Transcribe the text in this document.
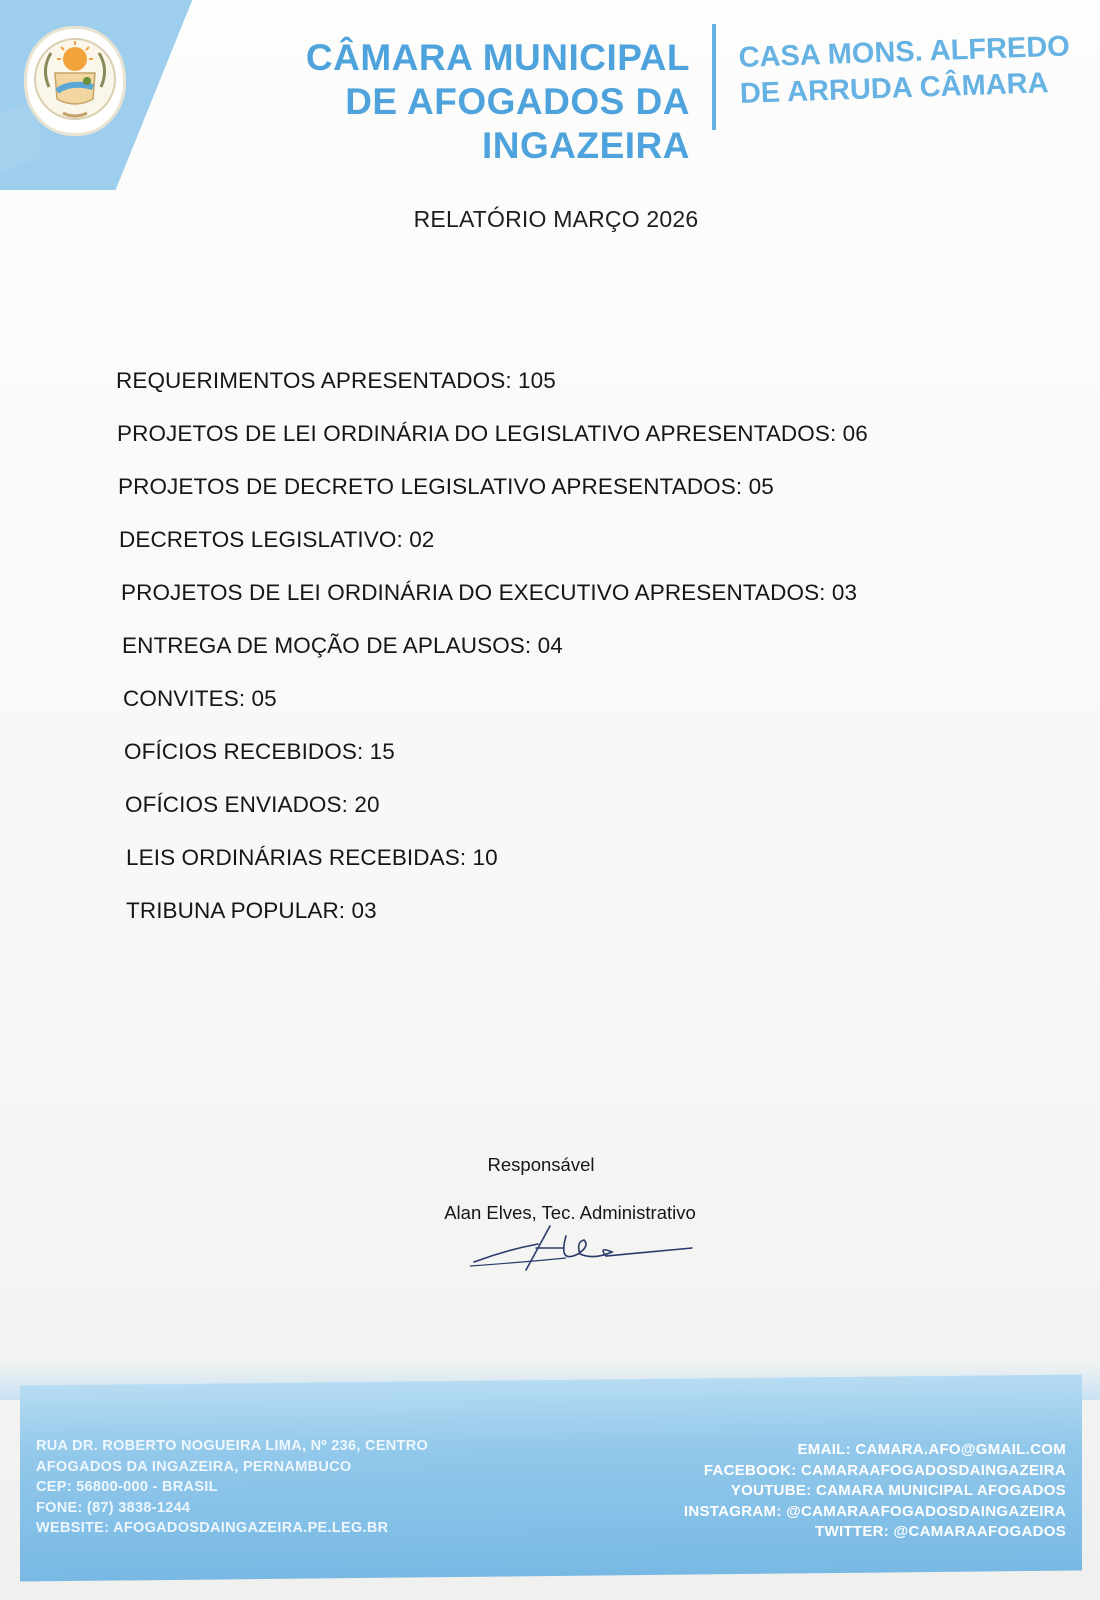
CÂMARA MUNICIPAL
DE AFOGADOS DA INGAZEIRA
CASA MONS. ALFREDO
DE ARRUDA CÂMARA
RELATÓRIO MARÇO 2026
REQUERIMENTOS APRESENTADOS: 105
PROJETOS DE LEI ORDINÁRIA DO LEGISLATIVO APRESENTADOS: 06
PROJETOS DE DECRETO LEGISLATIVO APRESENTADOS: 05
DECRETOS LEGISLATIVO: 02
PROJETOS DE LEI ORDINÁRIA DO EXECUTIVO APRESENTADOS: 03
ENTREGA DE MOÇÃO DE APLAUSOS: 04
CONVITES: 05
OFÍCIOS RECEBIDOS: 15
OFÍCIOS ENVIADOS: 20
LEIS ORDINÁRIAS RECEBIDAS: 10
TRIBUNA POPULAR: 03
Responsável
Alan Elves, Tec. Administrativo
RUA DR. ROBERTO NOGUEIRA LIMA, Nº 236, CENTRO
AFOGADOS DA INGAZEIRA, PERNAMBUCO
CEP: 56800-000 - BRASIL
FONE: (87) 3838-1244
WEBSITE: AFOGADOSDAINGAZEIRA.PE.LEG.BR
EMAIL: CAMARA.AFO@GMAIL.COM
FACEBOOK: CAMARAAFOGADOSDAINGAZEIRA
YOUTUBE: CAMARA MUNICIPAL AFOGADOS
INSTAGRAM: @CAMARAAFOGADOSDAINGAZEIRA
TWITTER: @CAMARAAFOGADOS
